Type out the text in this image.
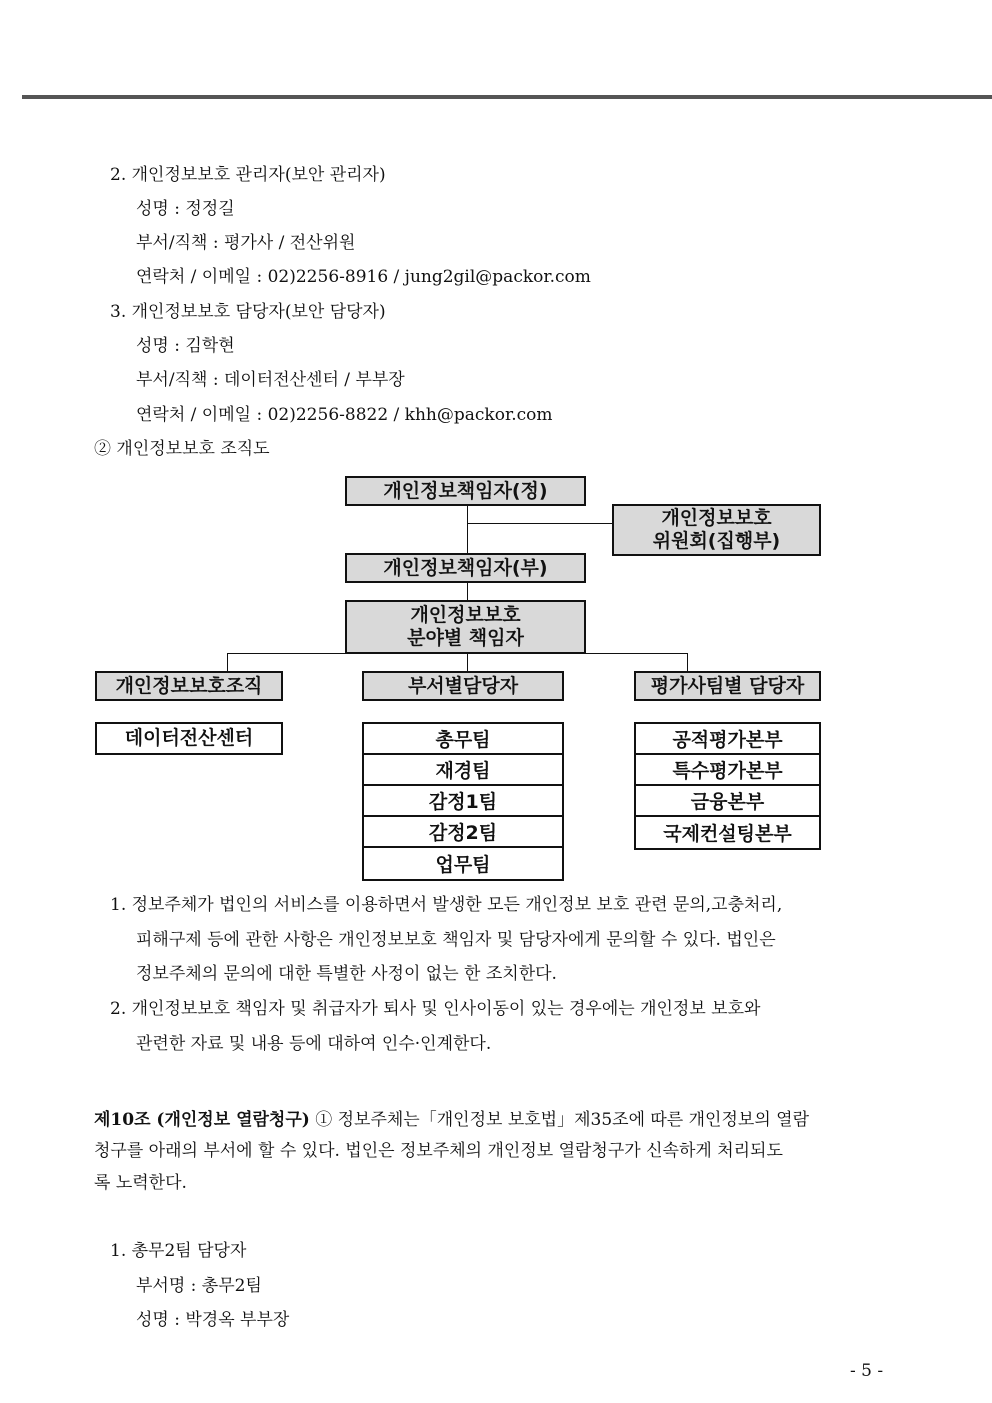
2. 개인정보보호 관리자(보안 관리자)
성명 : 정정길
부서/직책 : 평가사 / 전산위원
연락처 / 이메일 : 02)2256-8916 / jung2gil@packor.com
3. 개인정보보호 담당자(보안 담당자)
성명 : 김학현
부서/직책 : 데이터전산센터 / 부부장
연락처 / 이메일 : 02)2256-8822 / khh@packor.com
② 개인정보보호 조직도
개인정보책임자(정)
개인정보보호
위원회(집행부)
개인정보책임자(부)
개인정보보호
분야별 책임자
개인정보보호조직	부서별담당자	평가사팀별 담당자
데이터전산센터	총무팀
재경팀
감정1팀
감정2팀
업무팀
공적평가본부
특수평가본부
금융본부
국제컨설팅본부
1. 정보주체가 법인의 서비스를 이용하면서 발생한 모든 개인정보 보호 관련 문의,고충처리,
피해구제 등에 관한 사항은 개인정보보호 책임자 및 담당자에게 문의할 수 있다. 법인은
정보주체의 문의에 대한 특별한 사정이 없는 한 조치한다.
2. 개인정보보호 책임자 및 취급자가 퇴사 및 인사이동이 있는 경우에는 개인정보 보호와
관련한 자료 및 내용 등에 대하여 인수·인계한다.
제10조 (개인정보 열람청구) ① 정보주체는「개인정보 보호법」제35조에 따른 개인정보의 열람
청구를 아래의 부서에 할 수 있다. 법인은 정보주체의 개인정보 열람청구가 신속하게 처리되도
록 노력한다.
1. 총무2팀 담당자
부서명 : 총무2팀
성명 : 박경옥 부부장
- 5 -
